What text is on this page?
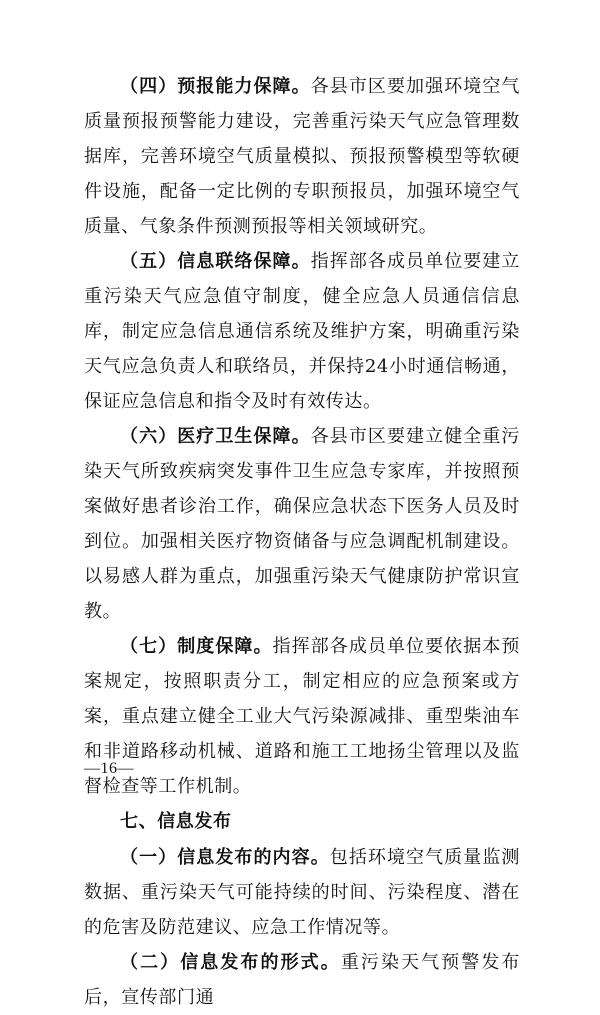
（四）预报能力保障。各县市区要加强环境空气质量预报预警能力建设，完善重污染天气应急管理数据库，完善环境空气质量模拟、预报预警模型等软硬件设施，配备一定比例的专职预报员，加强环境空气质量、气象条件预测预报等相关领域研究。

（五）信息联络保障。指挥部各成员单位要建立重污染天气应急值守制度，健全应急人员通信信息库，制定应急信息通信系统及维护方案，明确重污染天气应急负责人和联络员，并保持24小时通信畅通，保证应急信息和指令及时有效传达。

（六）医疗卫生保障。各县市区要建立健全重污染天气所致疾病突发事件卫生应急专家库，并按照预案做好患者诊治工作，确保应急状态下医务人员及时到位。加强相关医疗物资储备与应急调配机制建设。以易感人群为重点，加强重污染天气健康防护常识宣教。

（七）制度保障。指挥部各成员单位要依据本预案规定，按照职责分工，制定相应的应急预案或方案，重点建立健全工业大气污染源减排、重型柴油车和非道路移动机械、道路和施工工地扬尘管理以及监督检查等工作机制。

七、信息发布

（一）信息发布的内容。包括环境空气质量监测数据、重污染天气可能持续的时间、污染程度、潜在的危害及防范建议、应急工作情况等。

（二）信息发布的形式。重污染天气预警发布后，宣传部门通

—16—
